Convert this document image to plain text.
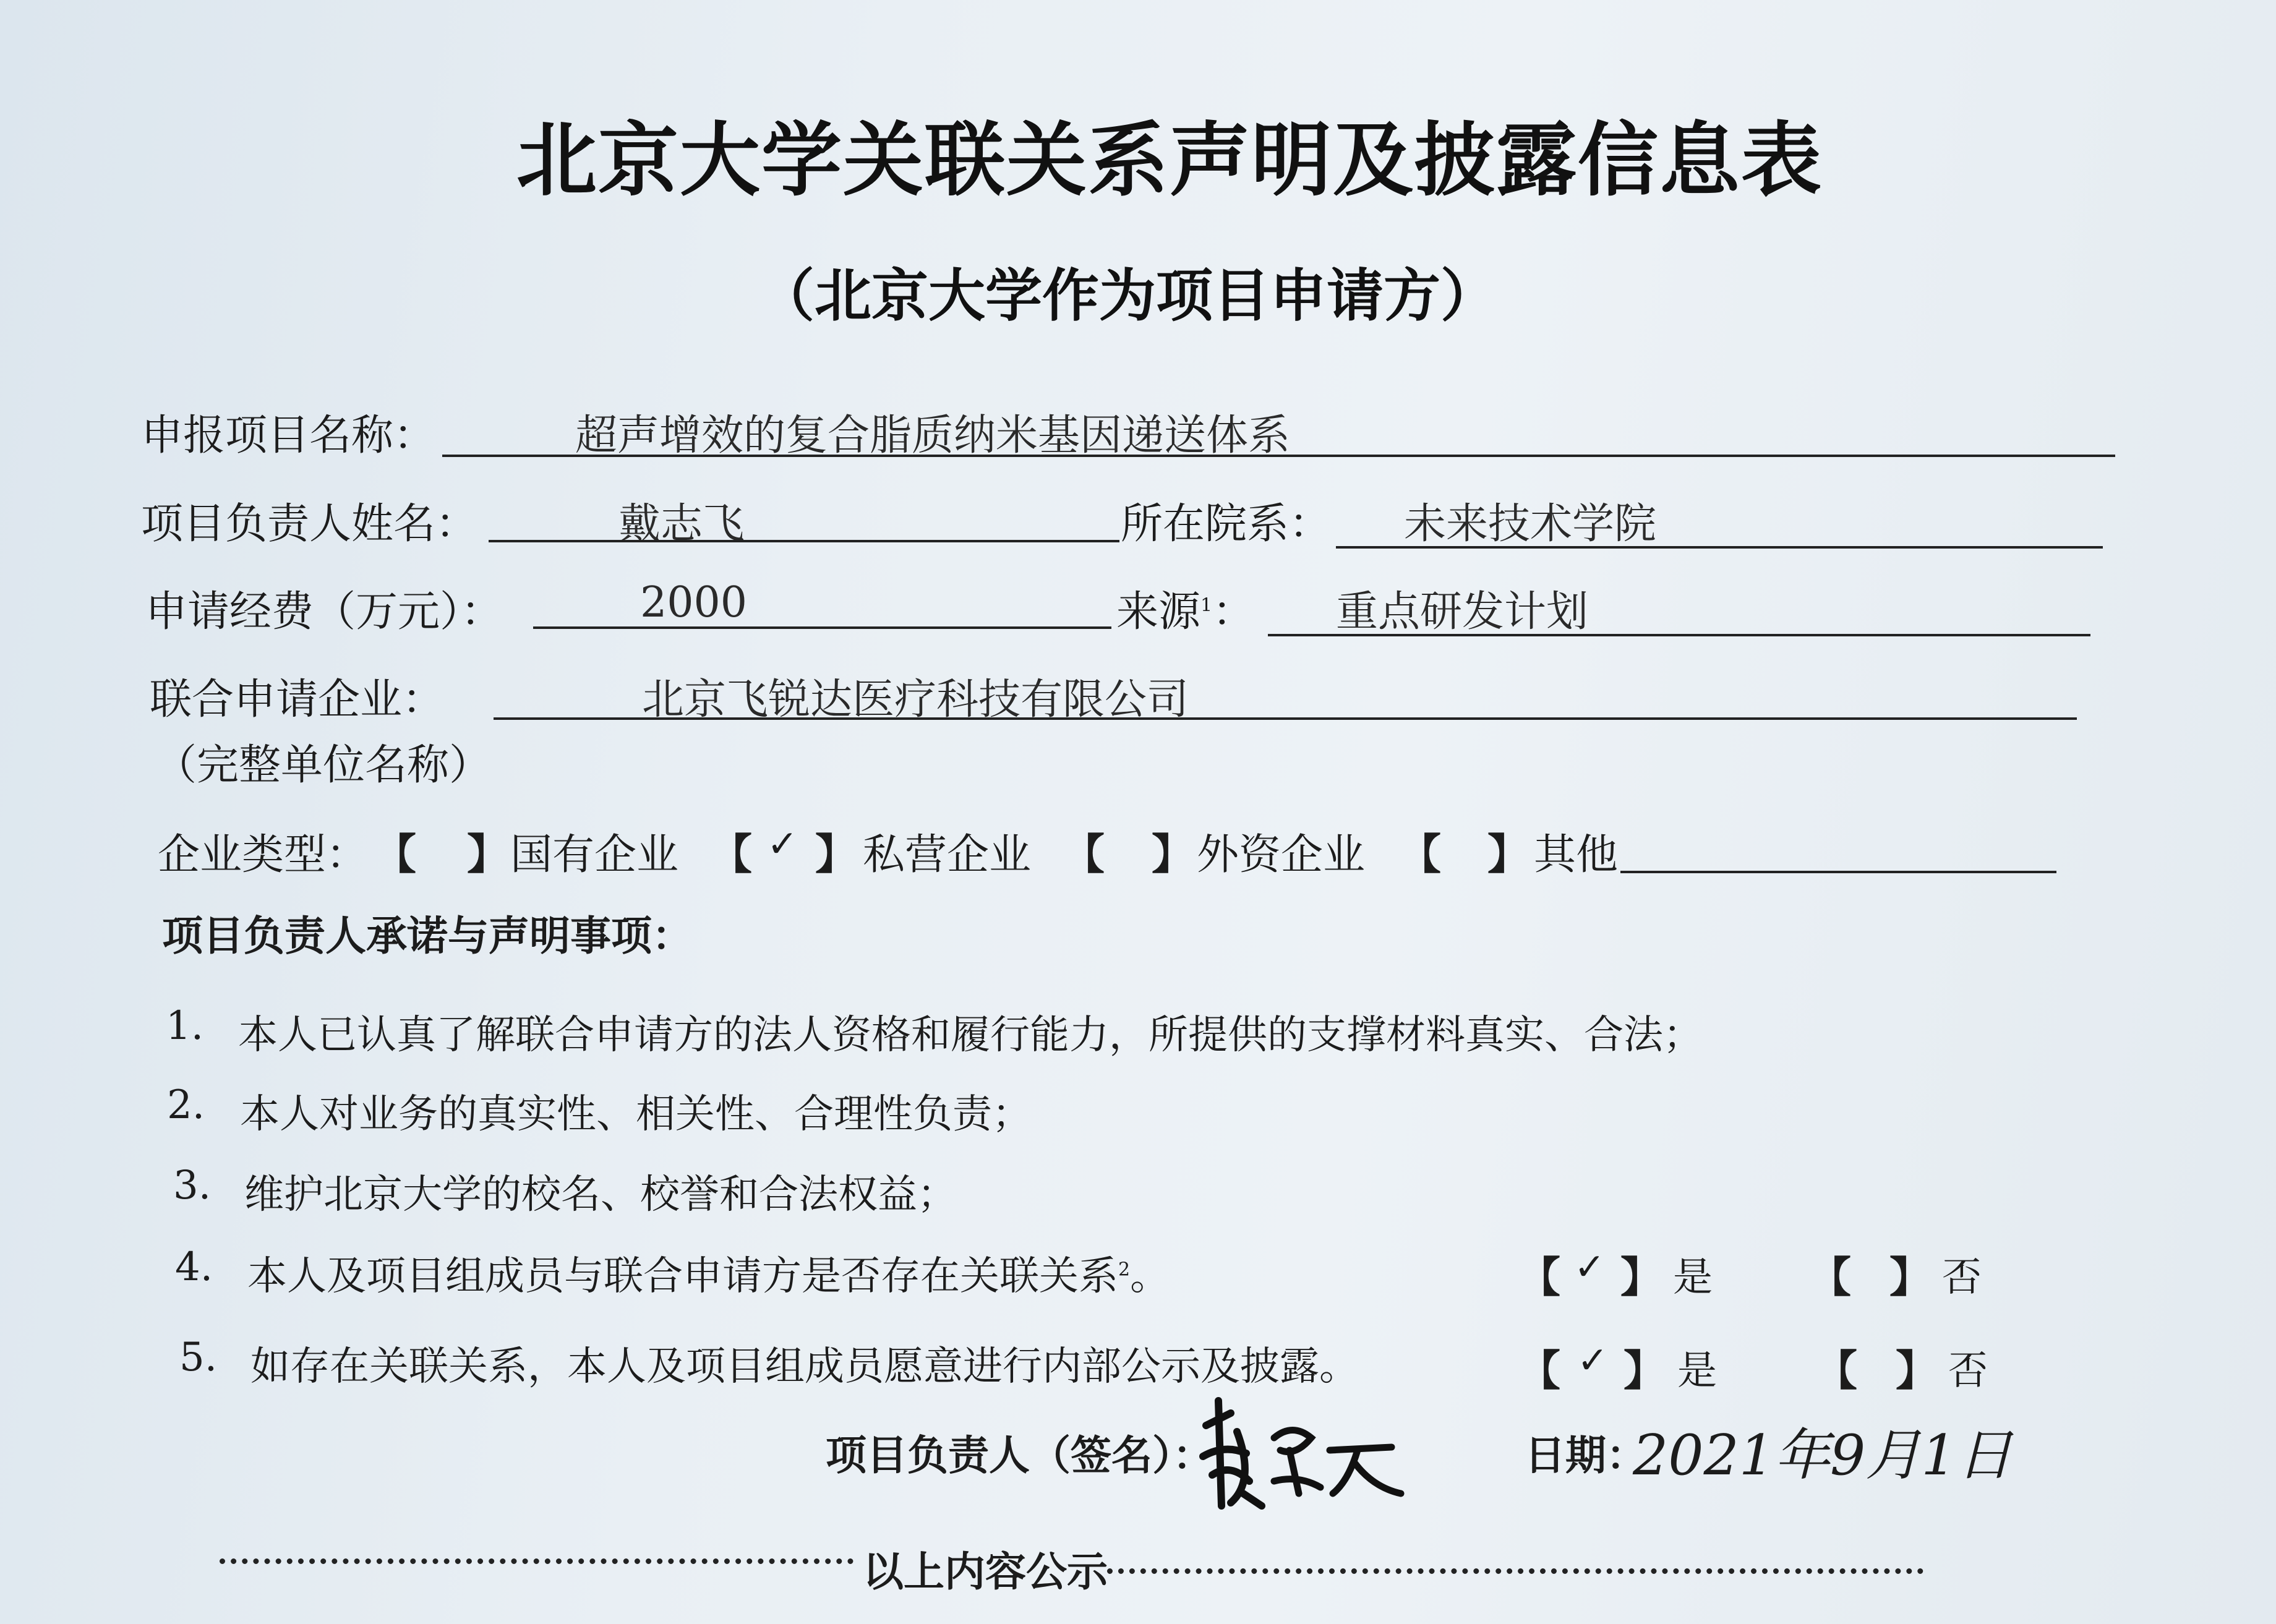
北京大学关联关系声明及披露信息表
（北京大学作为项目申请方）
申报项目名称：	超声增效的复合脂质纳米基因递送体系
项目负责人姓名：	戴志飞	所在院系： 未来技术学院
申请经费（万元）：	2000	来源$^1$： 重点研发计划
联合申请企业：	北京飞锐达医疗科技有限公司
（完整单位名称）
企业类型： 【 】 国有企业 【 ✓ 】 私营企业 【 】 外资企业 【 】 其他
项目负责人承诺与声明事项：
1. 本人已认真了解联合申请方的法人资格和履行能力，所提供的支撑材料真实、合法；
2. 本人对业务的真实性、相关性、合理性负责；
3. 维护北京大学的校名、校誉和合法权益；
4. 本人及项目组成员与联合申请方是否存在关联关系$^2$。	【 ✓ 】 是 【 】 否
5. 如存在关联关系，本人及项目组成员愿意进行内部公示及披露。	【 ✓ 】 是 【 】 否
项目负责人（签名）：	日期：
2021年9月1日
以上内容公示
